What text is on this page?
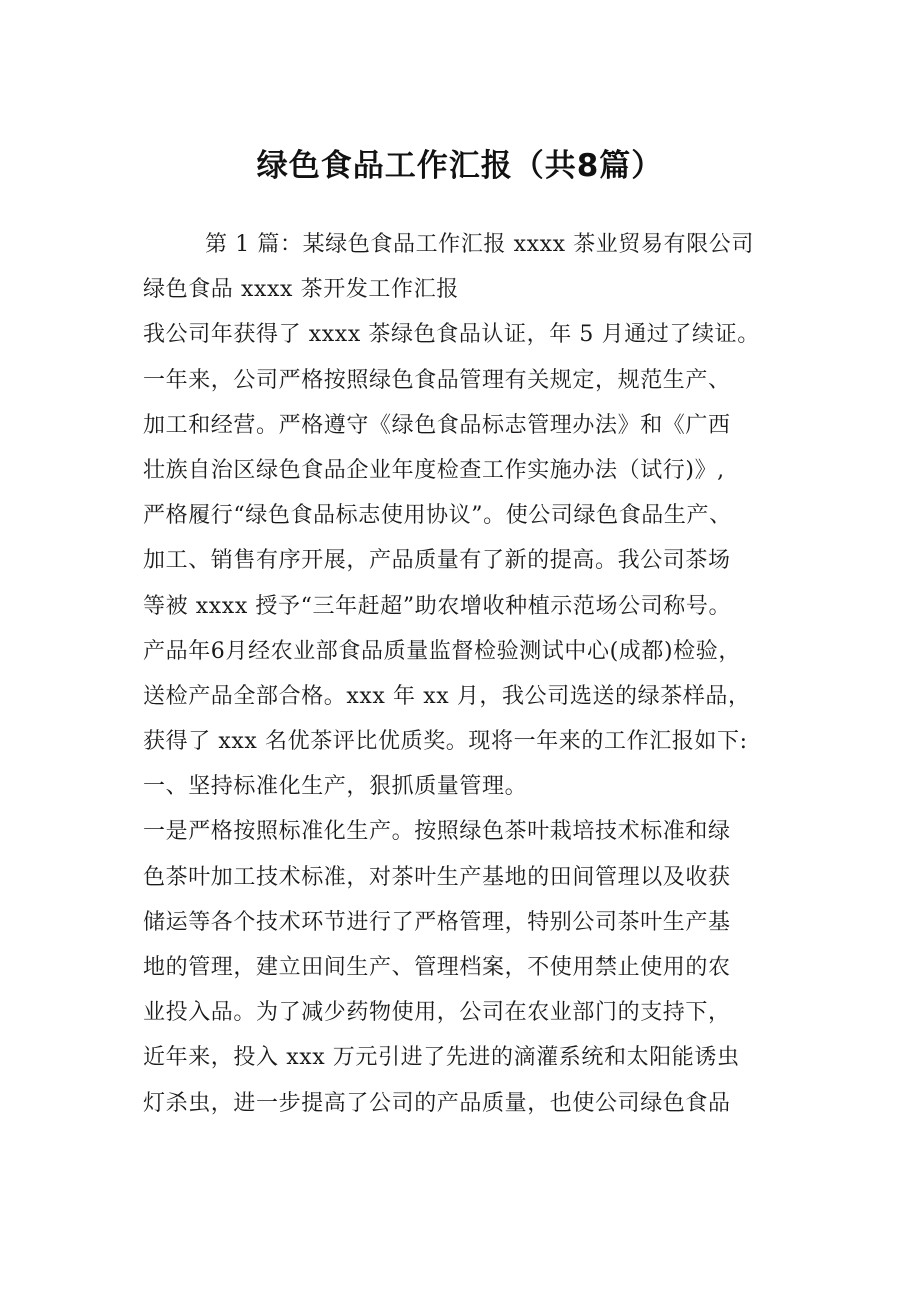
绿色食品工作汇报（共8篇）
第 1 篇：某绿色食品工作汇报 xxxx 茶业贸易有限公司
绿色食品 xxxx 茶开发工作汇报
我公司年获得了 xxxx 茶绿色食品认证，年 5 月通过了续证。
一年来，公司严格按照绿色食品管理有关规定，规范生产、
加工和经营。严格遵守《绿色食品标志管理办法》和《广西
壮族自治区绿色食品企业年度检查工作实施办法（试行)》,
严格履行“绿色食品标志使用协议”。使公司绿色食品生产、
加工、销售有序开展，产品质量有了新的提高。我公司茶场
等被 xxxx 授予“三年赶超”助农增收种植示范场公司称号。
产品年6月经农业部食品质量监督检验测试中心(成都)检验，
送检产品全部合格。xxx 年 xx 月，我公司选送的绿茶样品，
获得了 xxx 名优茶评比优质奖。现将一年来的工作汇报如下:
一、坚持标准化生产，狠抓质量管理。
一是严格按照标准化生产。按照绿色茶叶栽培技术标准和绿
色茶叶加工技术标准，对茶叶生产基地的田间管理以及收获
储运等各个技术环节进行了严格管理，特别公司茶叶生产基
地的管理，建立田间生产、管理档案，不使用禁止使用的农
业投入品。为了减少药物使用，公司在农业部门的支持下，
近年来，投入 xxx 万元引进了先进的滴灌系统和太阳能诱虫
灯杀虫，进一步提高了公司的产品质量，也使公司绿色食品
